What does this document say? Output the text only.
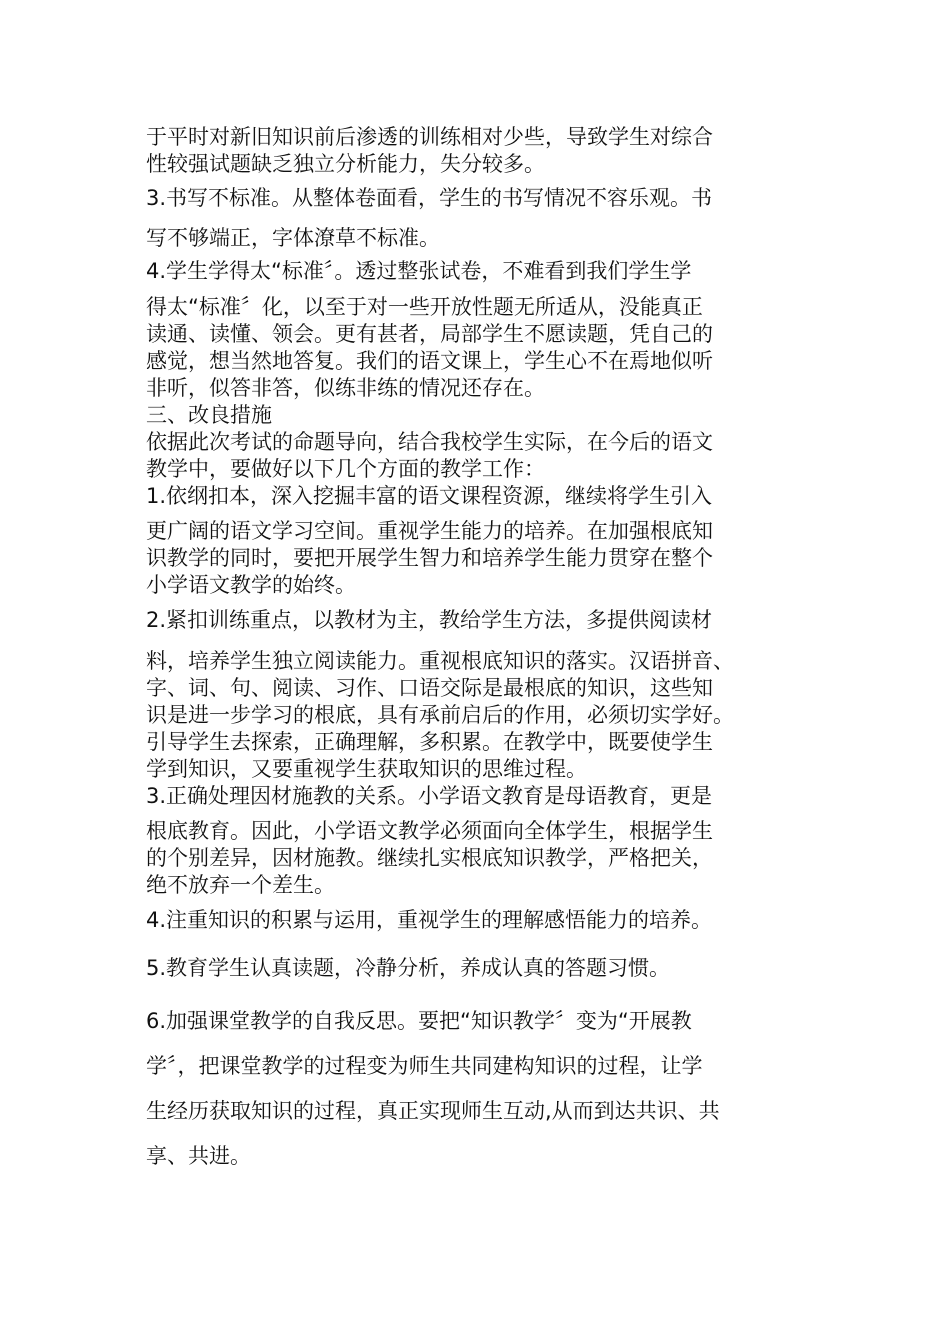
于平时对新旧知识前后渗透的训练相对少些，导致学生对综合
性较强试题缺乏独立分析能力，失分较多。

3.书写不标准。从整体卷面看，学生的书写情况不容乐观。书

写不够端正，字体潦草不标准。

4.学生学得太“标准〞。透过整张试卷，不难看到我们学生学

得太“标准〞化，以至于对一些开放性题无所适从，没能真正
读通、读懂、领会。更有甚者，局部学生不愿读题，凭自己的
感觉，想当然地答复。我们的语文课上，学生心不在焉地似听
非听，似答非答，似练非练的情况还存在。
三、改良措施
依据此次考试的命题导向，结合我校学生实际，在今后的语文
教学中，要做好以下几个方面的教学工作：

1.依纲扣本，深入挖掘丰富的语文课程资源，继续将学生引入

更广阔的语文学习空间。重视学生能力的培养。在加强根底知
识教学的同时，要把开展学生智力和培养学生能力贯穿在整个
小学语文教学的始终。

2.紧扣训练重点，以教材为主，教给学生方法，多提供阅读材

料，培养学生独立阅读能力。重视根底知识的落实。汉语拼音、
字、词、句、阅读、习作、口语交际是最根底的知识，这些知
识是进一步学习的根底，具有承前启后的作用，必须切实学好。
引导学生去探索，正确理解，多积累。在教学中，既要使学生
学到知识，又要重视学生获取知识的思维过程。

3.正确处理因材施教的关系。小学语文教育是母语教育，更是

根底教育。因此，小学语文教学必须面向全体学生，根据学生
的个别差异，因材施教。继续扎实根底知识教学，严格把关，
绝不放弃一个差生。

4.注重知识的积累与运用，重视学生的理解感悟能力的培养。

5.教育学生认真读题，冷静分析，养成认真的答题习惯。

6.加强课堂教学的自我反思。要把“知识教学〞变为“开展教
学〞，把课堂教学的过程变为师生共同建构知识的过程，让学
生经历获取知识的过程，真正实现师生互动,从而到达共识、共
享、共进。
